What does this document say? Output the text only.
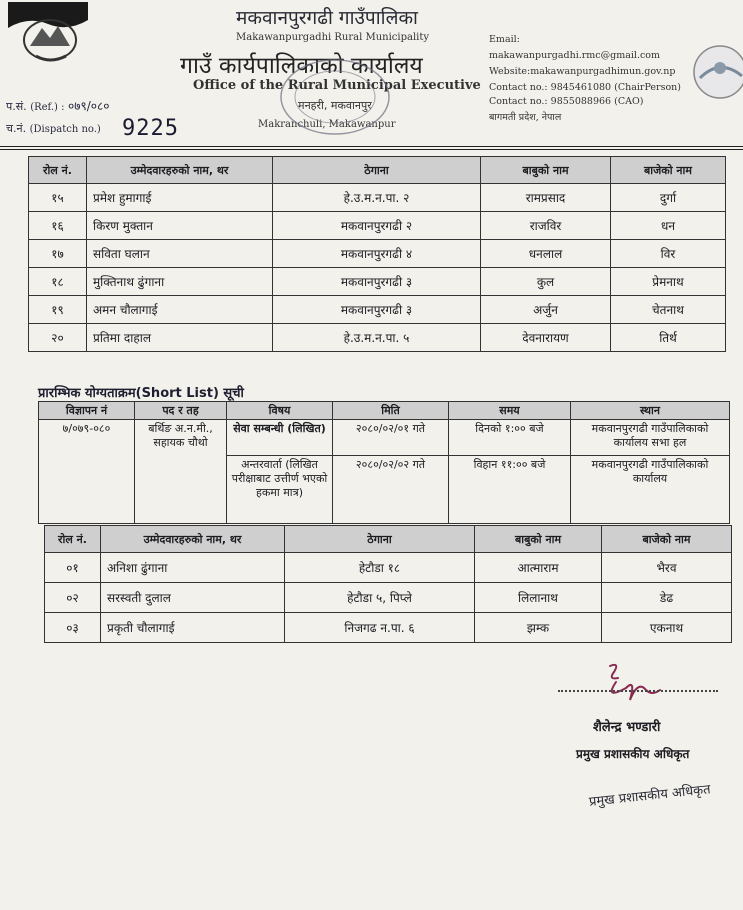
मकवानपुरगढी गाउँपालिका
Makawanpurgadhi Rural Municipality
गाउँ कार्यपालिकाको कार्यालय
Office of the Rural Municipal Executive
मनहरी, मकवानपुर
Makranchuli, Makawanpur
Email:
makawanpurgadhi.rmc@gmail.com
Website:makawanpurgadhimun.gov.np
Contact no.: 9845461080 (ChairPerson)
Contact no.: 9855088966 (CAO)
बागमती प्रदेश, नेपाल
प.सं. (Ref.) : ०७९/०८०
च.नं. (Dispatch no.) 9225
रोल नं.	उम्मेदवारहरुको नाम, थर	ठेगाना	बाबुको नाम	बाजेको नाम
१५	प्रमेश हुमागाई	हे.उ.म.न.पा. २	रामप्रसाद	दुर्गा
१६	किरण मुक्तान	मकवानपुरगढी २	राजविर	धन
१७	सविता घलान	मकवानपुरगढी ४	धनलाल	विर
१८	मुक्तिनाथ ढुंगाना	मकवानपुरगढी ३	कुल	प्रेमनाथ
१९	अमन चौलागाई	मकवानपुरगढी ३	अर्जुन	चेतनाथ
२०	प्रतिमा दाहाल	हे.उ.म.न.पा. ५	देवनारायण	तिर्थ
प्रारम्भिक योग्यताक्रम(Short List) सूची
विज्ञापन नं	पद र तह	विषय	मिति	समय	स्थान
७/०७९-०८०	बर्थिङ अ.न.मी., सहायक चौथो	सेवा सम्बन्धी (लिखित)	२०८०/०२/०१ गते	दिनको १:०० बजे	मकवानपुरगढी गाउँपालिकाको कार्यालय सभा हल
		अन्तरवार्ता (लिखित परीक्षाबाट उत्तीर्ण भएको हकमा मात्र)	२०८०/०२/०२ गते	विहान ११:०० बजे	मकवानपुरगढी गाउँपालिकाको कार्यालय
रोल नं.	उम्मेदवारहरुको नाम, थर	ठेगाना	बाबुको नाम	बाजेको नाम
०१	अनिशा ढुंगाना	हेटौडा १८	आत्माराम	भैरव
०२	सरस्वती दुलाल	हेटौडा ५, पिप्ले	लिलानाथ	डेढ
०३	प्रकृती चौलागाई	निजगढ न.पा. ६	झम्क	एकनाथ
शैलेन्द्र भण्डारी
प्रमुख प्रशासकीय अधिकृत
प्रमुख प्रशासकीय अधिकृत
